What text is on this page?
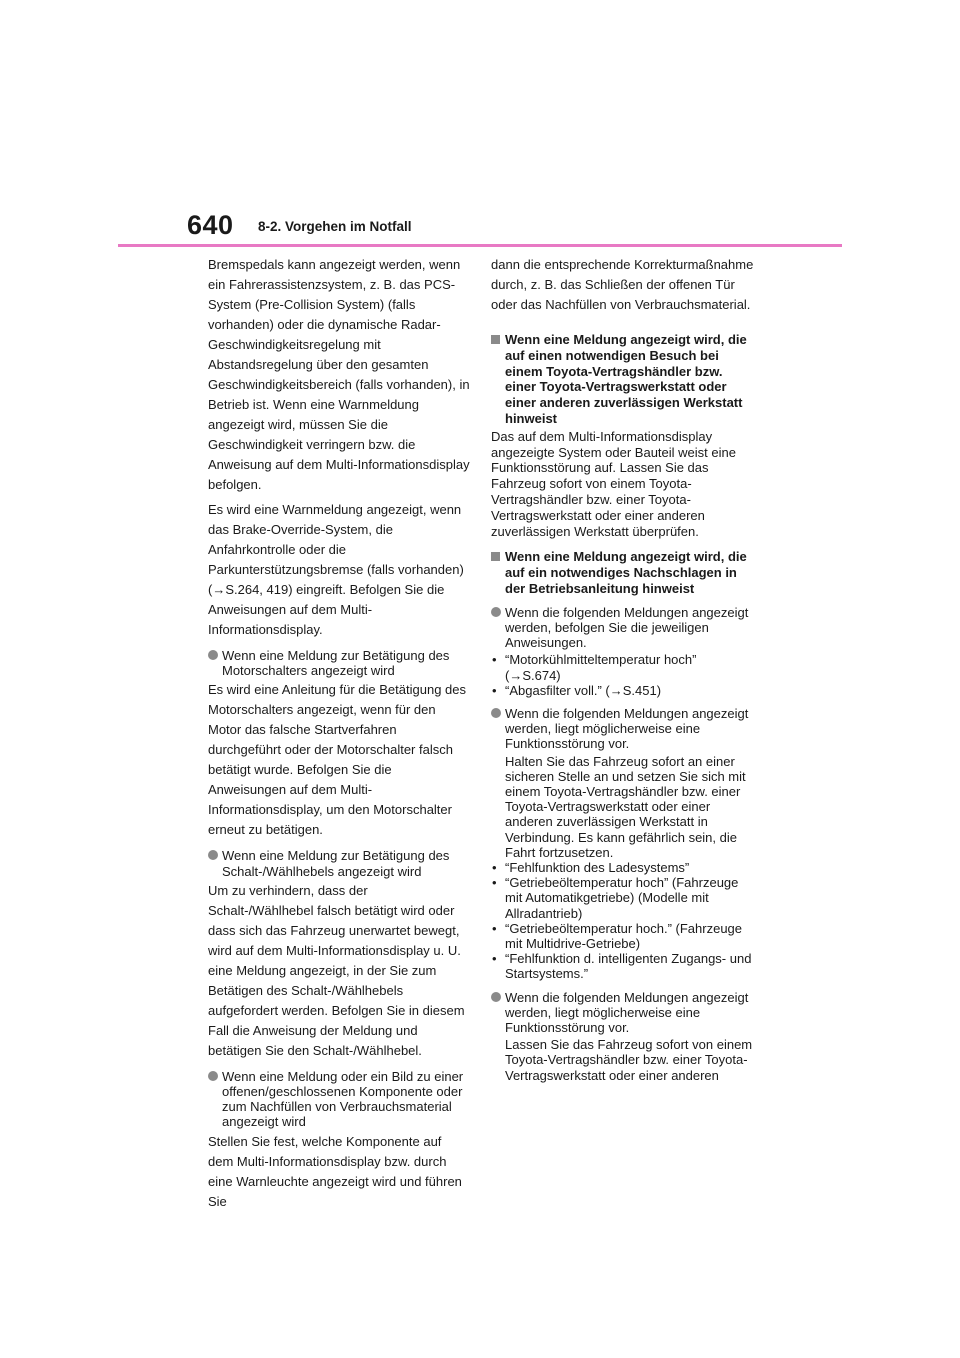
640 8-2. Vorgehen im Notfall

Bremspedals kann angezeigt werden, wenn ein Fahrerassistenzsystem, z. B. das PCS-System (Pre-Collision System) (falls vorhanden) oder die dynamische Radar-Geschwindigkeitsregelung mit Abstandsregelung über den gesamten Geschwindigkeitsbereich (falls vorhanden), in Betrieb ist. Wenn eine Warnmeldung angezeigt wird, müssen Sie die Geschwindigkeit verringern bzw. die Anweisung auf dem Multi-Informationsdisplay befolgen.

Es wird eine Warnmeldung angezeigt, wenn das Brake-Override-System, die Anfahrkontrolle oder die Parkunterstützungsbremse (falls vorhanden) (→S.264, 419) eingreift. Befolgen Sie die Anweisungen auf dem Multi-Informationsdisplay.

Wenn eine Meldung zur Betätigung des Motorschalters angezeigt wird

Es wird eine Anleitung für die Betätigung des Motorschalters angezeigt, wenn für den Motor das falsche Startverfahren durchgeführt oder der Motorschalter falsch betätigt wurde. Befolgen Sie die Anweisungen auf dem Multi-Informationsdisplay, um den Motorschalter erneut zu betätigen.

Wenn eine Meldung zur Betätigung des Schalt-/Wählhebels angezeigt wird

Um zu verhindern, dass der Schalt-/Wählhebel falsch betätigt wird oder dass sich das Fahrzeug unerwartet bewegt, wird auf dem Multi-Informationsdisplay u. U. eine Meldung angezeigt, in der Sie zum Betätigen des Schalt-/Wählhebels aufgefordert werden. Befolgen Sie in diesem Fall die Anweisung der Meldung und betätigen Sie den Schalt-/Wählhebel.

Wenn eine Meldung oder ein Bild zu einer offenen/geschlossenen Komponente oder zum Nachfüllen von Verbrauchsmaterial angezeigt wird

Stellen Sie fest, welche Komponente auf dem Multi-Informationsdisplay bzw. durch eine Warnleuchte angezeigt wird und führen Sie

dann die entsprechende Korrekturmaßnahme durch, z. B. das Schließen der offenen Tür oder das Nachfüllen von Verbrauchsmaterial.

Wenn eine Meldung angezeigt wird, die auf einen notwendigen Besuch bei einem Toyota-Vertragshändler bzw. einer Toyota-Vertragswerkstatt oder einer anderen zuverlässigen Werkstatt hinweist

Das auf dem Multi-Informationsdisplay angezeigte System oder Bauteil weist eine Funktionsstörung auf. Lassen Sie das Fahrzeug sofort von einem Toyota-Vertragshändler bzw. einer Toyota-Vertragswerkstatt oder einer anderen zuverlässigen Werkstatt überprüfen.

Wenn eine Meldung angezeigt wird, die auf ein notwendiges Nachschlagen in der Betriebsanleitung hinweist
Wenn die folgenden Meldungen angezeigt werden, befolgen Sie die jeweiligen Anweisungen.
• “Motorkühlmitteltemperatur hoch” (→S.674)
• “Abgasfilter voll.” (→S.451)
Wenn die folgenden Meldungen angezeigt werden, liegt möglicherweise eine Funktionsstörung vor.

Halten Sie das Fahrzeug sofort an einer sicheren Stelle an und setzen Sie sich mit einem Toyota-Vertragshändler bzw. einer Toyota-Vertragswerkstatt oder einer anderen zuverlässigen Werkstatt in Verbindung. Es kann gefährlich sein, die Fahrt fortzusetzen.

• “Fehlfunktion des Ladesystems”
• “Getriebeöltemperatur hoch” (Fahrzeuge mit Automatikgetriebe) (Modelle mit Allradantrieb)
• “Getriebeöltemperatur hoch.” (Fahrzeuge mit Multidrive-Getriebe)
• “Fehlfunktion d. intelligenten Zugangs- und Startsystems.”
Wenn die folgenden Meldungen angezeigt werden, liegt möglicherweise eine Funktionsstörung vor.

Lassen Sie das Fahrzeug sofort von einem Toyota-Vertragshändler bzw. einer Toyota-Vertragswerkstatt oder einer anderen
